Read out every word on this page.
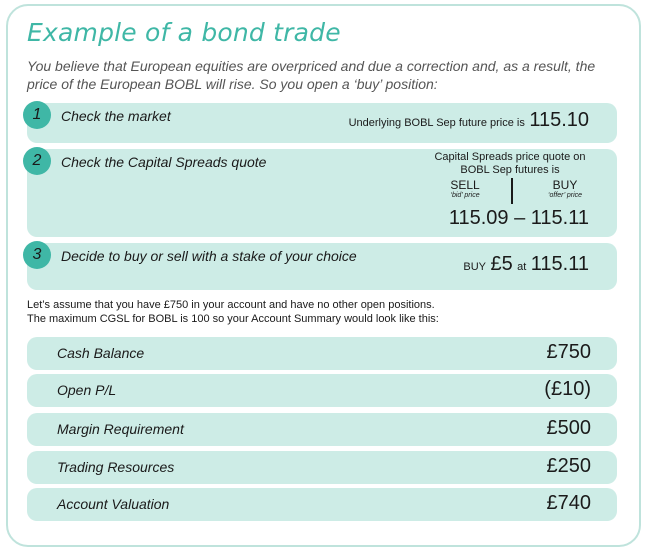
Example of a bond trade
You believe that European equities are overpriced and due a correction and, as a result, the price of the European BOBL will rise. So you open a ‘buy’ position:
1	Check the market	Underlying BOBL Sep future price is 115.10
2	Check the Capital Spreads quote	Capital Spreads price quote on BOBL Sep futures is
SELL
‘bid’ price
BUY
‘offer’ price
115.09 – 115.11
3	Decide to buy or sell with a stake of your choice
BUY £5 at 115.11
Let’s assume that you have £750 in your account and have no other open positions.
The maximum CGSL for BOBL is 100 so your Account Summary would look like this:
Cash Balance	£750
Open P/L	(£10)
Margin Requirement	£500
Trading Resources	£250
Account Valuation	£740
